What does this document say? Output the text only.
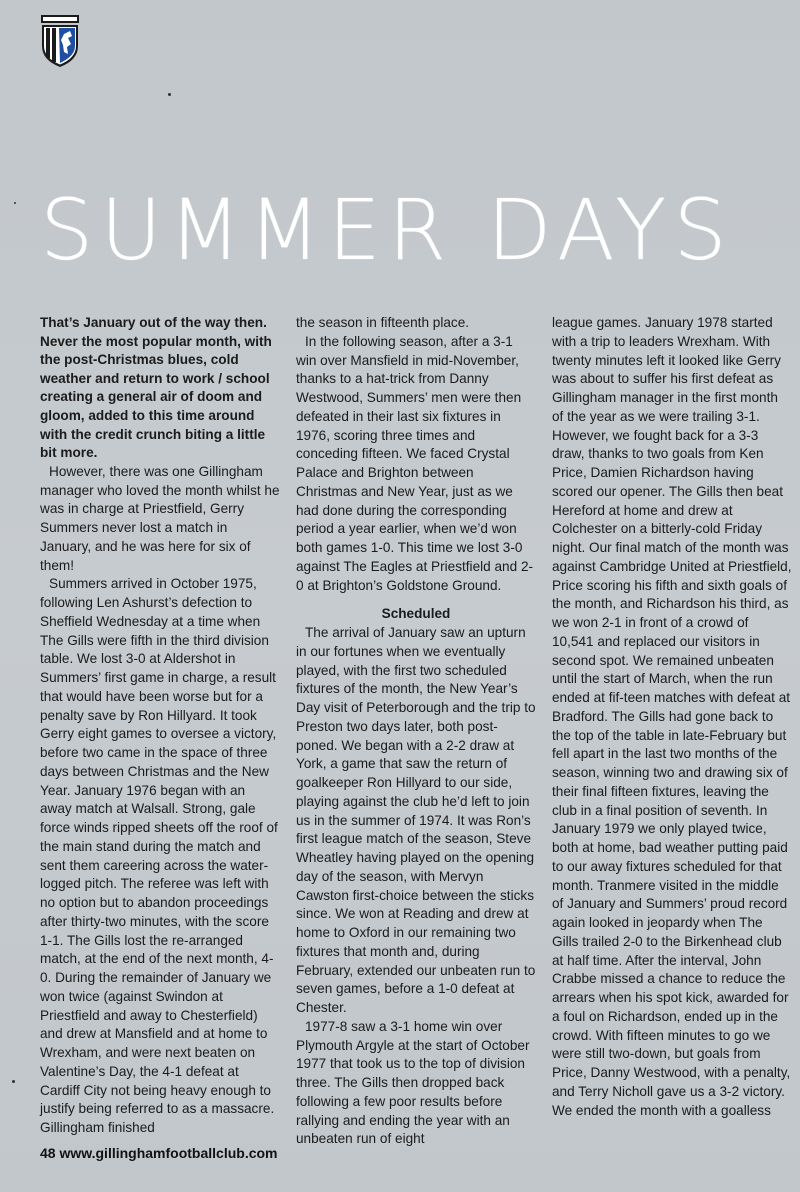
SUMMER DAYS

That’s January out of the way then. Never the most popular month, with the post-Christmas blues, cold weather and return to work / school creating a general air of doom and gloom, added to this time around with the credit crunch biting a little bit more.

However, there was one Gillingham manager who loved the month whilst he was in charge at Priestfield, Gerry Summers never lost a match in January, and he was here for six of them!

Summers arrived in October 1975, following Len Ashurst’s defection to Sheffield Wednesday at a time when The Gills were fifth in the third division table. We lost 3-0 at Aldershot in Summers’ first game in charge, a result that would have been worse but for a penalty save by Ron Hillyard. It took Gerry eight games to oversee a victory, before two came in the space of three days between Christmas and the New Year. January 1976 began with an away match at Walsall. Strong, gale force winds ripped sheets off the roof of the main stand during the match and sent them careering across the water-logged pitch. The referee was left with no option but to abandon proceedings after thirty-two minutes, with the score 1-1. The Gills lost the re-arranged match, at the end of the next month, 4-0. During the remainder of January we won twice (against Swindon at Priestfield and away to Chesterfield) and drew at Mansfield and at home to Wrexham, and were next beaten on Valentine’s Day, the 4-1 defeat at Cardiff City not being heavy enough to justify being referred to as a massacre. Gillingham finished

the season in fifteenth place.

In the following season, after a 3-1 win over Mansfield in mid-November, thanks to a hat-trick from Danny Westwood, Summers’ men were then defeated in their last six fixtures in 1976, scoring three times and conceding fifteen. We faced Crystal Palace and Brighton between Christmas and New Year, just as we had done during the corresponding period a year earlier, when we’d won both games 1-0. This time we lost 3-0 against The Eagles at Priestfield and 2-0 at Brighton’s Goldstone Ground.

Scheduled

The arrival of January saw an upturn in our fortunes when we eventually played, with the first two scheduled fixtures of the month, the New Year’s Day visit of Peterborough and the trip to Preston two days later, both post-poned. We began with a 2-2 draw at York, a game that saw the return of goalkeeper Ron Hillyard to our side, playing against the club he’d left to join us in the summer of 1974. It was Ron’s first league match of the season, Steve Wheatley having played on the opening day of the season, with Mervyn Cawston first-choice between the sticks since. We won at Reading and drew at home to Oxford in our remaining two fixtures that month and, during February, extended our unbeaten run to seven games, before a 1-0 defeat at Chester.

1977-8 saw a 3-1 home win over Plymouth Argyle at the start of October 1977 that took us to the top of division three. The Gills then dropped back following a few poor results before rallying and ending the year with an unbeaten run of eight

league games. January 1978 started with a trip to leaders Wrexham. With twenty minutes left it looked like Gerry was about to suffer his first defeat as Gillingham manager in the first month of the year as we were trailing 3-1. However, we fought back for a 3-3 draw, thanks to two goals from Ken Price, Damien Richardson having scored our opener. The Gills then beat Hereford at home and drew at Colchester on a bitterly-cold Friday night. Our final match of the month was against Cambridge United at Priestfield, Price scoring his fifth and sixth goals of the month, and Richardson his third, as we won 2-1 in front of a crowd of 10,541 and replaced our visitors in second spot. We remained unbeaten until the start of March, when the run ended at fif-teen matches with defeat at Bradford. The Gills had gone back to the top of the table in late-February but fell apart in the last two months of the season, winning two and drawing six of their final fifteen fixtures, leaving the club in a final position of seventh. In January 1979 we only played twice, both at home, bad weather putting paid to our away fixtures scheduled for that month. Tranmere visited in the middle of January and Summers’ proud record again looked in jeopardy when The Gills trailed 2-0 to the Birkenhead club at half time. After the interval, John Crabbe missed a chance to reduce the arrears when his spot kick, awarded for a foul on Richardson, ended up in the crowd. With fifteen minutes to go we were still two-down, but goals from Price, Danny Westwood, with a penalty, and Terry Nicholl gave us a 3-2 victory. We ended the month with a goalless

48 www.gillinghamfootballclub.com
